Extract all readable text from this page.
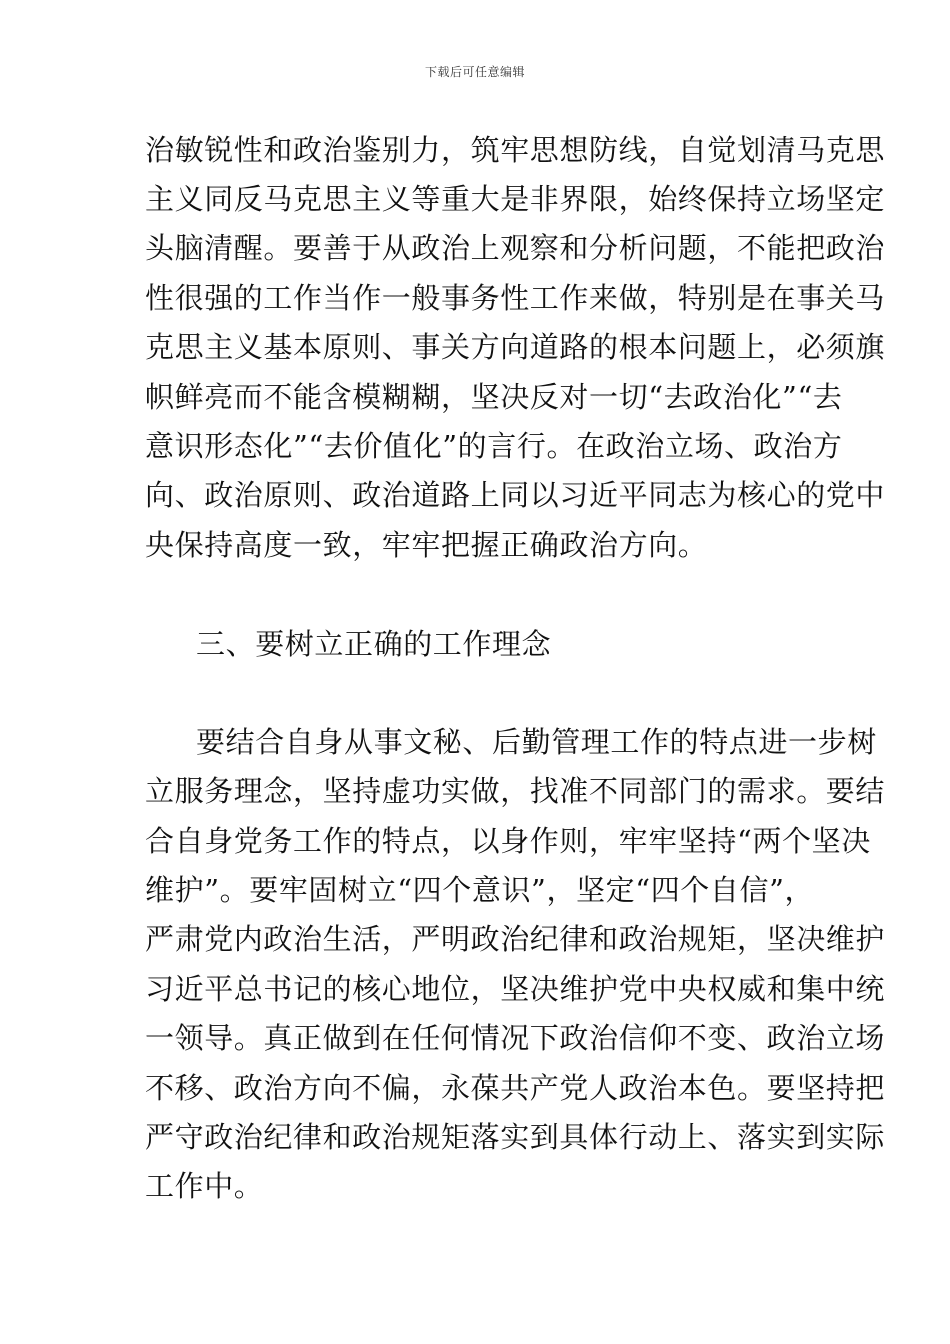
下载后可任意编辑
治敏锐性和政治鉴别力，筑牢思想防线，自觉划清马克思
主义同反马克思主义等重大是非界限，始终保持立场坚定
头脑清醒。要善于从政治上观察和分析问题，不能把政治
性很强的工作当作一般事务性工作来做，特别是在事关马
克思主义基本原则、事关方向道路的根本问题上，必须旗
帜鲜亮而不能含模糊糊，坚决反对一切“去政治化”“去
意识形态化”“去价值化”的言行。在政治立场、政治方
向、政治原则、政治道路上同以习近平同志为核心的党中
央保持高度一致，牢牢把握正确政治方向。
三、要树立正确的工作理念
要结合自身从事文秘、后勤管理工作的特点进一步树
立服务理念，坚持虚功实做，找准不同部门的需求。要结
合自身党务工作的特点，以身作则，牢牢坚持“两个坚决
维护”。要牢固树立“四个意识”，坚定“四个自信”，
严肃党内政治生活，严明政治纪律和政治规矩，坚决维护
习近平总书记的核心地位，坚决维护党中央权威和集中统
一领导。真正做到在任何情况下政治信仰不变、政治立场
不移、政治方向不偏，永葆共产党人政治本色。要坚持把
严守政治纪律和政治规矩落实到具体行动上、落实到实际
工作中。
